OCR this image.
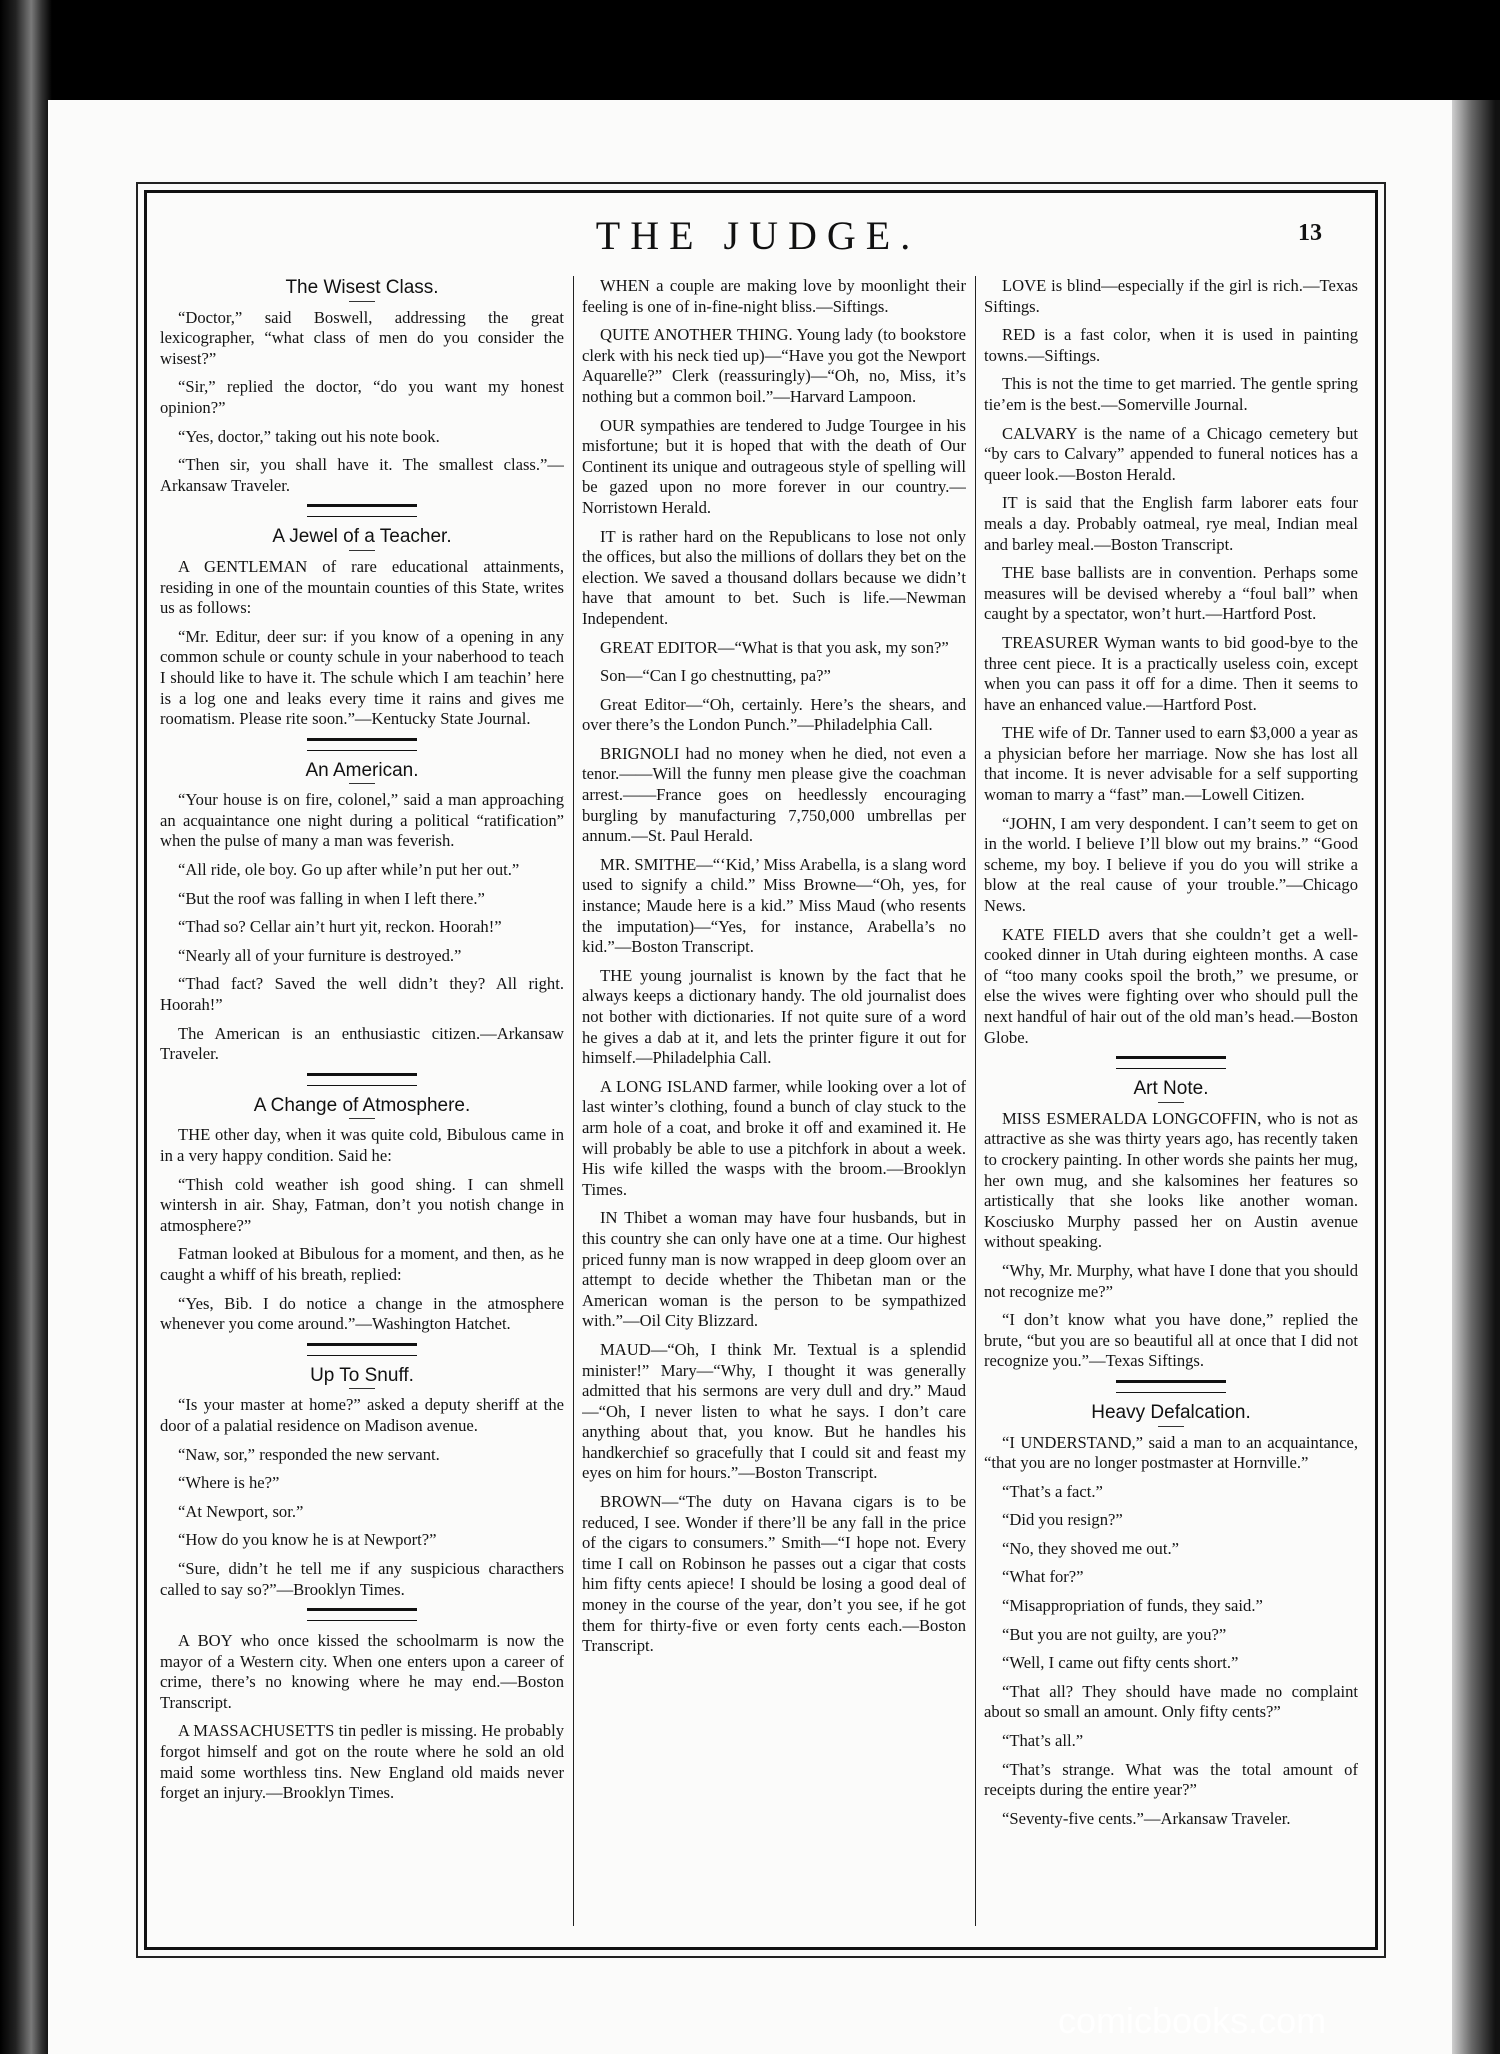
THE JUDGE.	13
The Wisest Class.

“Doctor,” said Boswell, addressing the great lexicographer, “what class of men do you consider the wisest?”

“Sir,” replied the doctor, “do you want my honest opinion?”

“Yes, doctor,” taking out his note book.

“Then sir, you shall have it. The smallest class.”—Arkansaw Traveler.

A Jewel of a Teacher.

A GENTLEMAN of rare educational attainments, residing in one of the mountain counties of this State, writes us as follows:

“Mr. Editur, deer sur: if you know of a opening in any common schule or county schule in your naberhood to teach I should like to have it. The schule which I am teachin’ here is a log one and leaks every time it rains and gives me roomatism. Please rite soon.”—Kentucky State Journal.

An American.

“Your house is on fire, colonel,” said a man approaching an acquaintance one night during a political “ratification” when the pulse of many a man was feverish.

“All ride, ole boy. Go up after while’n put her out.”

“But the roof was falling in when I left there.”

“Thad so? Cellar ain’t hurt yit, reckon. Hoorah!”

“Nearly all of your furniture is destroyed.”

“Thad fact? Saved the well didn’t they? All right. Hoorah!”

The American is an enthusiastic citizen.—Arkansaw Traveler.

A Change of Atmosphere.

THE other day, when it was quite cold, Bibulous came in in a very happy condition. Said he:

“Thish cold weather ish good shing. I can shmell wintersh in air. Shay, Fatman, don’t you notish change in atmosphere?”

Fatman looked at Bibulous for a moment, and then, as he caught a whiff of his breath, replied:

“Yes, Bib. I do notice a change in the atmosphere whenever you come around.”—Washington Hatchet.

Up To Snuff.

“Is your master at home?” asked a deputy sheriff at the door of a palatial residence on Madison avenue.

“Naw, sor,” responded the new servant.

“Where is he?”

“At Newport, sor.”

“How do you know he is at Newport?”

“Sure, didn’t he tell me if any suspicious characthers called to say so?”—Brooklyn Times.

A BOY who once kissed the schoolmarm is now the mayor of a Western city. When one enters upon a career of crime, there’s no knowing where he may end.—Boston Transcript.

A MASSACHUSETTS tin pedler is missing. He probably forgot himself and got on the route where he sold an old maid some worthless tins. New England old maids never forget an injury.—Brooklyn Times.

WHEN a couple are making love by moonlight their feeling is one of in-fine-night bliss.—Siftings.

QUITE ANOTHER THING. Young lady (to bookstore clerk with his neck tied up)—“Have you got the Newport Aquarelle?” Clerk (reassuringly)—“Oh, no, Miss, it’s nothing but a common boil.”—Harvard Lampoon.

OUR sympathies are tendered to Judge Tourgee in his misfortune; but it is hoped that with the death of Our Continent its unique and outrageous style of spelling will be gazed upon no more forever in our country.—Norristown Herald.

IT is rather hard on the Republicans to lose not only the offices, but also the millions of dollars they bet on the election. We saved a thousand dollars because we didn’t have that amount to bet. Such is life.—Newman Independent.

GREAT EDITOR—“What is that you ask, my son?”

Son—“Can I go chestnutting, pa?”

Great Editor—“Oh, certainly. Here’s the shears, and over there’s the London Punch.”—Philadelphia Call.

BRIGNOLI had no money when he died, not even a tenor.——Will the funny men please give the coachman arrest.——France goes on heedlessly encouraging burgling by manufacturing 7,750,000 umbrellas per annum.—St. Paul Herald.

MR. SMITHE—“‘Kid,’ Miss Arabella, is a slang word used to signify a child.” Miss Browne—“Oh, yes, for instance; Maude here is a kid.” Miss Maud (who resents the imputation)—“Yes, for instance, Arabella’s no kid.”—Boston Transcript.

THE young journalist is known by the fact that he always keeps a dictionary handy. The old journalist does not bother with dictionaries. If not quite sure of a word he gives a dab at it, and lets the printer figure it out for himself.—Philadelphia Call.

A LONG ISLAND farmer, while looking over a lot of last winter’s clothing, found a bunch of clay stuck to the arm hole of a coat, and broke it off and examined it. He will probably be able to use a pitchfork in about a week. His wife killed the wasps with the broom.—Brooklyn Times.

IN Thibet a woman may have four husbands, but in this country she can only have one at a time. Our highest priced funny man is now wrapped in deep gloom over an attempt to decide whether the Thibetan man or the American woman is the person to be sympathized with.”—Oil City Blizzard.

MAUD—“Oh, I think Mr. Textual is a splendid minister!” Mary—“Why, I thought it was generally admitted that his sermons are very dull and dry.” Maud—“Oh, I never listen to what he says. I don’t care anything about that, you know. But he handles his handkerchief so gracefully that I could sit and feast my eyes on him for hours.”—Boston Transcript.

BROWN—“The duty on Havana cigars is to be reduced, I see. Wonder if there’ll be any fall in the price of the cigars to consumers.” Smith—“I hope not. Every time I call on Robinson he passes out a cigar that costs him fifty cents apiece! I should be losing a good deal of money in the course of the year, don’t you see, if he got them for thirty-five or even forty cents each.—Boston Transcript.

LOVE is blind—especially if the girl is rich.—Texas Siftings.

RED is a fast color, when it is used in painting towns.—Siftings.

This is not the time to get married. The gentle spring tie’em is the best.—Somerville Journal.

CALVARY is the name of a Chicago cemetery but “by cars to Calvary” appended to funeral notices has a queer look.—Boston Herald.

IT is said that the English farm laborer eats four meals a day. Probably oatmeal, rye meal, Indian meal and barley meal.—Boston Transcript.

THE base ballists are in convention. Perhaps some measures will be devised whereby a “foul ball” when caught by a spectator, won’t hurt.—Hartford Post.

TREASURER Wyman wants to bid good-bye to the three cent piece. It is a practically useless coin, except when you can pass it off for a dime. Then it seems to have an enhanced value.—Hartford Post.

THE wife of Dr. Tanner used to earn $3,000 a year as a physician before her marriage. Now she has lost all that income. It is never advisable for a self supporting woman to marry a “fast” man.—Lowell Citizen.

“JOHN, I am very despondent. I can’t seem to get on in the world. I believe I’ll blow out my brains.” “Good scheme, my boy. I believe if you do you will strike a blow at the real cause of your trouble.”—Chicago News.

KATE FIELD avers that she couldn’t get a well-cooked dinner in Utah during eighteen months. A case of “too many cooks spoil the broth,” we presume, or else the wives were fighting over who should pull the next handful of hair out of the old man’s head.—Boston Globe.

Art Note.

MISS ESMERALDA LONGCOFFIN, who is not as attractive as she was thirty years ago, has recently taken to crockery painting. In other words she paints her mug, her own mug, and she kalsomines her features so artistically that she looks like another woman. Kosciusko Murphy passed her on Austin avenue without speaking.

“Why, Mr. Murphy, what have I done that you should not recognize me?”

“I don’t know what you have done,” replied the brute, “but you are so beautiful all at once that I did not recognize you.”—Texas Siftings.

Heavy Defalcation.

“I UNDERSTAND,” said a man to an acquaintance, “that you are no longer postmaster at Hornville.”

“That’s a fact.”

“Did you resign?”

“No, they shoved me out.”

“What for?”

“Misappropriation of funds, they said.”

“But you are not guilty, are you?”

“Well, I came out fifty cents short.”

“That all? They should have made no complaint about so small an amount. Only fifty cents?”

“That’s all.”

“That’s strange. What was the total amount of receipts during the entire year?”

“Seventy-five cents.”—Arkansaw Traveler.

comicbooks.com
